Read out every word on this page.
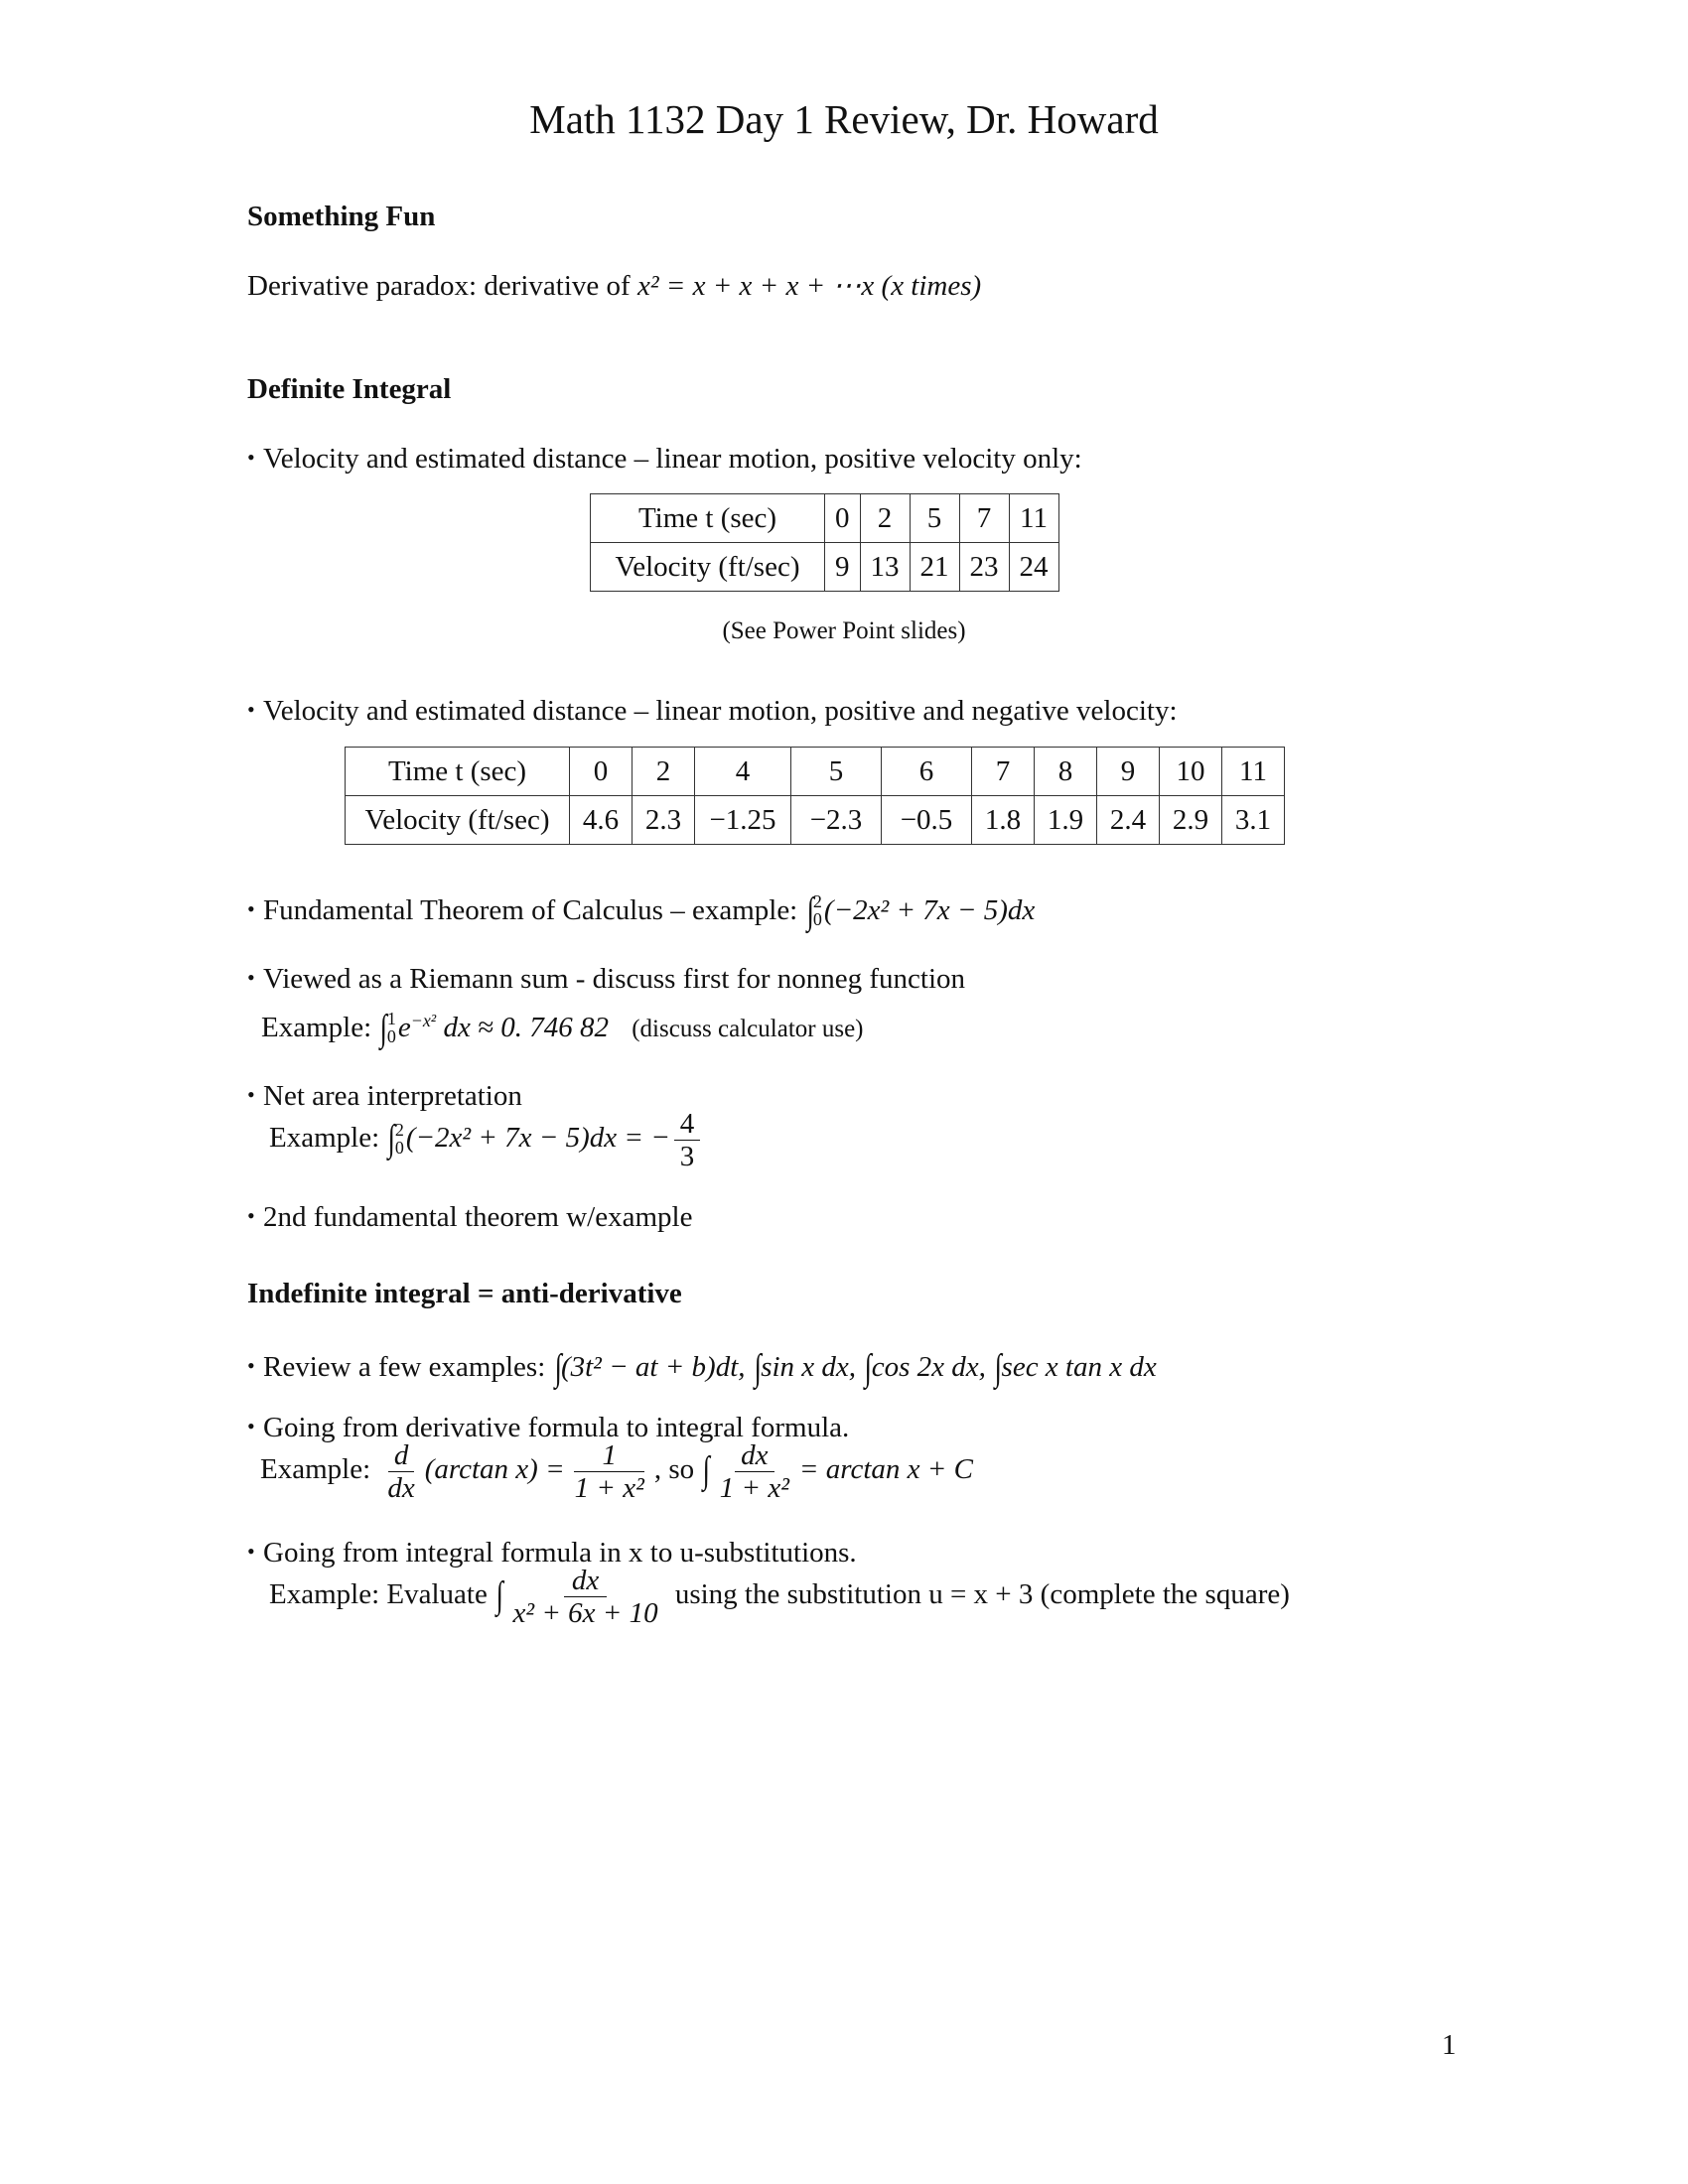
Math 1132 Day 1 Review, Dr. Howard
Something Fun
Derivative paradox: derivative of x² = x + x + x + ⋯x (x times)
Definite Integral
• Velocity and estimated distance – linear motion, positive velocity only:
Time t (sec)	0	2	5	7	11
Velocity (ft/sec)	9	13	21	23	24
(See Power Point slides)
• Velocity and estimated distance – linear motion, positive and negative velocity:
Time t (sec)	0	2	4	5	6	7	8	9	10	11
Velocity (ft/sec)	4.6	2.3	−1.25	−2.3	−0.5	1.8	1.9	2.4	2.9	3.1
• Fundamental Theorem of Calculus – example: ∫ 2
0 (−2x² + 7x − 5)dx
• Viewed as a Riemann sum - discuss first for nonneg function
Example: ∫ 1
0 $e^{-x^2}$ dx ≈ 0. 746 82 (discuss calculator use)
• Net area interpretation
Example: ∫ 2
0 (−2x² + 7x − 5)dx = − $\frac{4}{3}$
• 2nd fundamental theorem w/example
Indefinite integral = anti-derivative
• Review a few examples: ∫(3t² − at + b)dt, ∫sin x dx, ∫cos 2x dx, ∫sec x tan x dx
• Going from derivative formula to integral formula.
Example: $\frac{d}{dx} (\arctan$ $x) = \frac{1}{\text{1 + x²}}$ , so ∫ $\frac{dx}{\text{1 + x²}} = \arctan x + C$
• Going from integral formula in x to u-substitutions.
Example: Evaluate ∫ $\frac{dx}{\text{x² + 6x + 10}}$ using the substitution u = x + 3 (complete the square)
1
